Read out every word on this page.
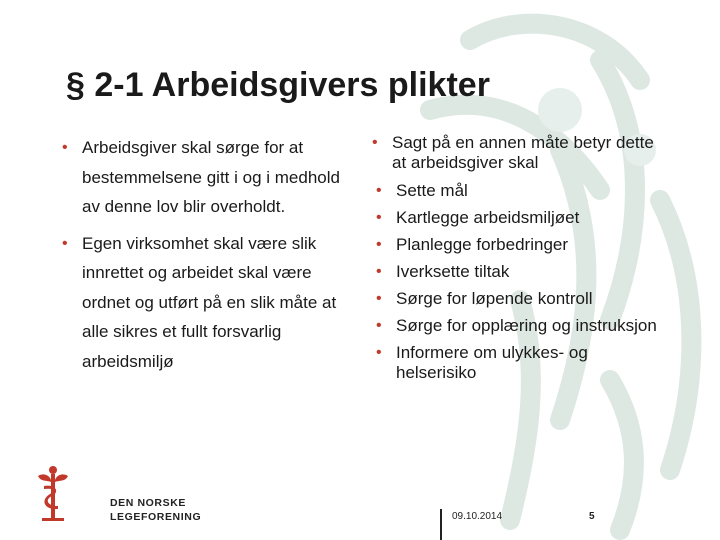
§ 2-1 Arbeidsgivers plikter
• Arbeidsgiver skal sørge for at bestemmelsene gitt i og i medhold av denne lov blir overholdt.
• Egen virksomhet skal være slik innrettet og arbeidet skal være ordnet og utført på en slik måte at alle sikres et fullt forsvarlig arbeidsmiljø
• Sagt på en annen måte betyr dette at arbeidsgiver skal
• Sette mål
• Kartlegge arbeidsmiljøet
• Planlegge forbedringer
• Iverksette tiltak
• Sørge for løpende kontroll
• Sørge for opplæring og instruksjon
• Informere om ulykkes- og helserisiko
DEN NORSKE
LEGEFORENING	09.10.2014	5
